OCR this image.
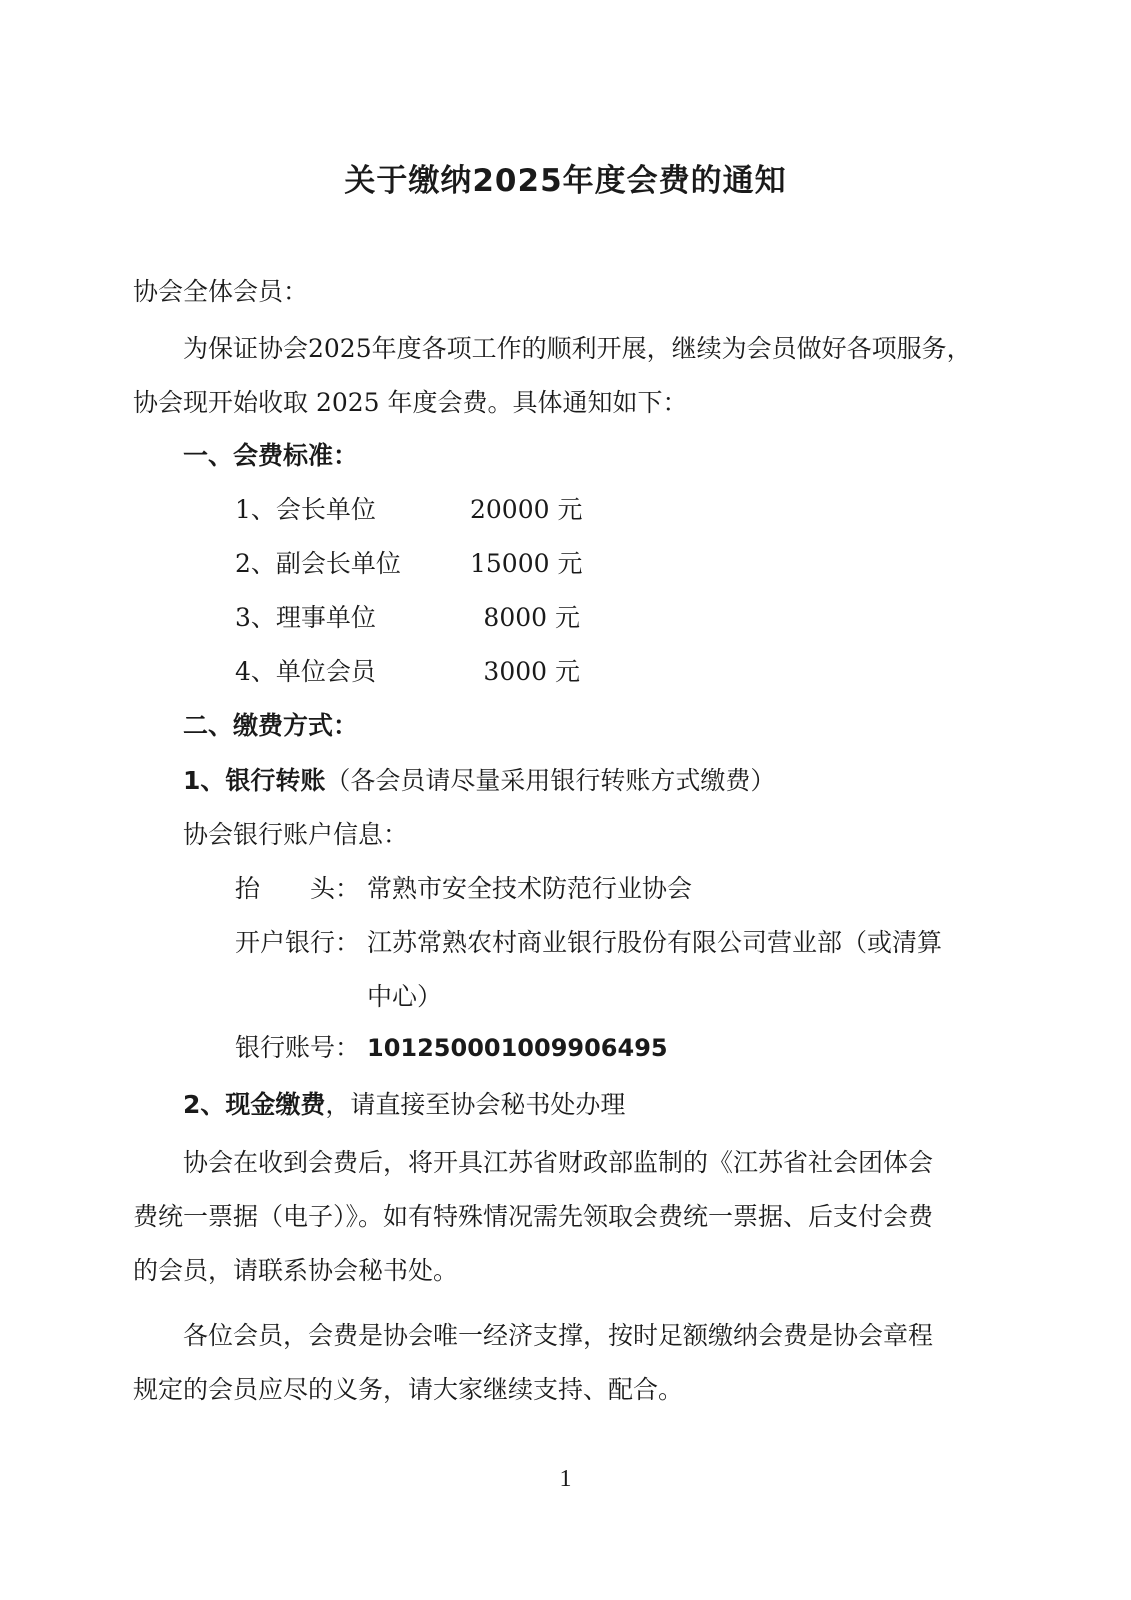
关于缴纳2025年度会费的通知
协会全体会员：
为保证协会2025年度各项工作的顺利开展，继续为会员做好各项服务，
协会现开始收取 2025 年度会费。具体通知如下：
一、会费标准：
1、会长单位	20000 元
2、副会长单位	15000 元
3、理事单位	8000 元
4、单位会员	3000 元
二、缴费方式：
1、银行转账（各会员请尽量采用银行转账方式缴费）
协会银行账户信息：
抬　　头： 常熟市安全技术防范行业协会
开户银行： 江苏常熟农村商业银行股份有限公司营业部（或清算
中心）
银行账号： 101250001009906495
2、现金缴费，请直接至协会秘书处办理
协会在收到会费后，将开具江苏省财政部监制的《江苏省社会团体会
费统一票据（电子）》。如有特殊情况需先领取会费统一票据、后支付会费
的会员，请联系协会秘书处。
各位会员，会费是协会唯一经济支撑，按时足额缴纳会费是协会章程
规定的会员应尽的义务，请大家继续支持、配合。
1
